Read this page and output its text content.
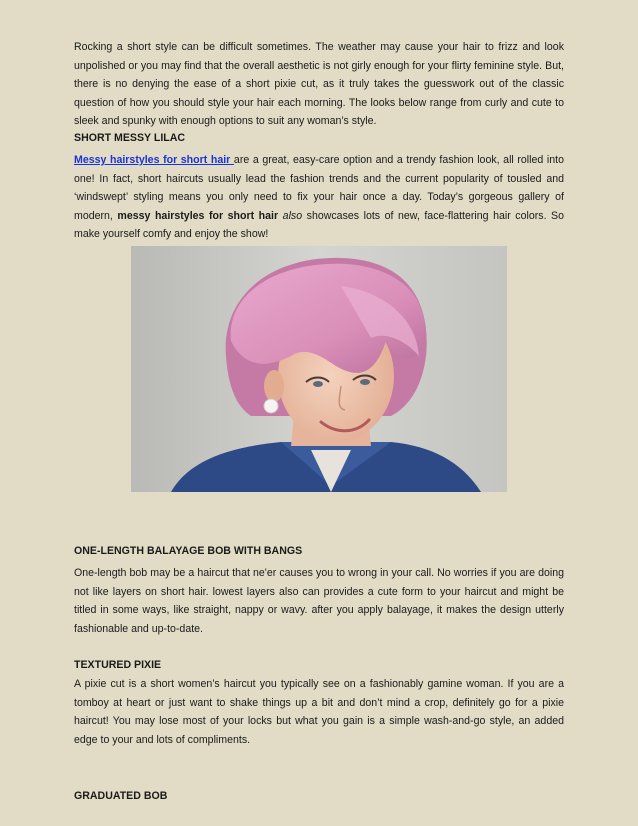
Rocking a short style can be difficult sometimes. The weather may cause your hair to frizz and look unpolished or you may find that the overall aesthetic is not girly enough for your flirty feminine style. But, there is no denying the ease of a short pixie cut, as it truly takes the guesswork out of the classic question of how you should style your hair each morning. The looks below range from curly and cute to sleek and spunky with enough options to suit any woman’s style.

SHORT MESSY LILAC

Messy hairstyles for short hair are a great, easy-care option and a trendy fashion look, all rolled into one! In fact, short haircuts usually lead the fashion trends and the current popularity of tousled and ‘windswept’ styling means you only need to fix your hair once a day. Today’s gorgeous gallery of modern, messy hairstyles for short hair also showcases lots of new, face-flattering hair colors. So make yourself comfy and enjoy the show!

ONE-LENGTH BALAYAGE BOB WITH BANGS

One-length bob may be a haircut that ne'er causes you to wrong in your call. No worries if you are doing not like layers on short hair. lowest layers also can provides a cute form to your haircut and might be titled in some ways, like straight, nappy or wavy. after you apply balayage, it makes the design utterly fashionable and up-to-date.

TEXTURED PIXIE

A pixie cut is a short women’s haircut you typically see on a fashionably gamine woman. If you are a tomboy at heart or just want to shake things up a bit and don’t mind a crop, definitely go for a pixie haircut! You may lose most of your locks but what you gain is a simple wash-and-go style, an added edge to your and lots of compliments.

GRADUATED BOB
